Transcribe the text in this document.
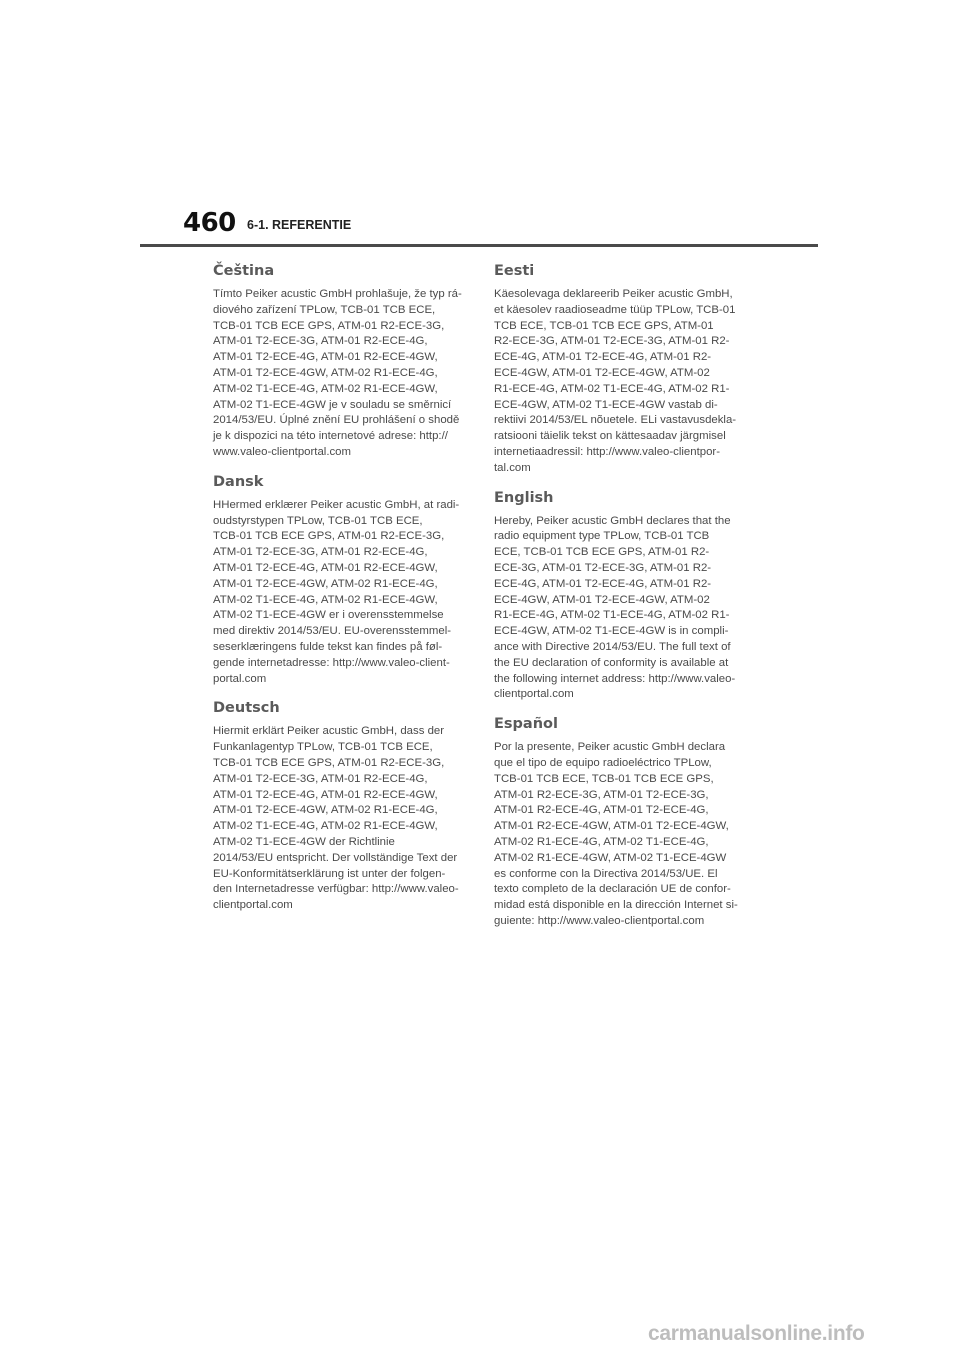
460 6-1. REFERENTIE
Čeština

Tímto Peiker acustic GmbH prohlašuje, že typ rá-
diového zařízení TPLow, TCB-01 TCB ECE,
TCB-01 TCB ECE GPS, ATM-01 R2-ECE-3G,
ATM-01 T2-ECE-3G, ATM-01 R2-ECE-4G,
ATM-01 T2-ECE-4G, ATM-01 R2-ECE-4GW,
ATM-01 T2-ECE-4GW, ATM-02 R1-ECE-4G,
ATM-02 T1-ECE-4G, ATM-02 R1-ECE-4GW,
ATM-02 T1-ECE-4GW je v souladu se směrnicí
2014/53/EU. Úplné znění EU prohlášení o shodě
je k dispozici na této internetové adrese: http://
www.valeo-clientportal.com

Dansk

HHermed erklærer Peiker acustic GmbH, at radi-
oudstyrstypen TPLow, TCB-01 TCB ECE,
TCB-01 TCB ECE GPS, ATM-01 R2-ECE-3G,
ATM-01 T2-ECE-3G, ATM-01 R2-ECE-4G,
ATM-01 T2-ECE-4G, ATM-01 R2-ECE-4GW,
ATM-01 T2-ECE-4GW, ATM-02 R1-ECE-4G,
ATM-02 T1-ECE-4G, ATM-02 R1-ECE-4GW,
ATM-02 T1-ECE-4GW er i overensstemmelse
med direktiv 2014/53/EU. EU-overensstemmel-
seserklæringens fulde tekst kan findes på føl-
gende internetadresse: http://www.valeo-client-
portal.com

Deutsch

Hiermit erklärt Peiker acustic GmbH, dass der
Funkanlagentyp TPLow, TCB-01 TCB ECE,
TCB-01 TCB ECE GPS, ATM-01 R2-ECE-3G,
ATM-01 T2-ECE-3G, ATM-01 R2-ECE-4G,
ATM-01 T2-ECE-4G, ATM-01 R2-ECE-4GW,
ATM-01 T2-ECE-4GW, ATM-02 R1-ECE-4G,
ATM-02 T1-ECE-4G, ATM-02 R1-ECE-4GW,
ATM-02 T1-ECE-4GW der Richtlinie
2014/53/EU entspricht. Der vollständige Text der
EU-Konformitätserklärung ist unter der folgen-
den Internetadresse verfügbar: http://www.valeo-
clientportal.com

Eesti

Käesolevaga deklareerib Peiker acustic GmbH,
et käesolev raadioseadme tüüp TPLow, TCB-01
TCB ECE, TCB-01 TCB ECE GPS, ATM-01
R2-ECE-3G, ATM-01 T2-ECE-3G, ATM-01 R2-
ECE-4G, ATM-01 T2-ECE-4G, ATM-01 R2-
ECE-4GW, ATM-01 T2-ECE-4GW, ATM-02
R1-ECE-4G, ATM-02 T1-ECE-4G, ATM-02 R1-
ECE-4GW, ATM-02 T1-ECE-4GW vastab di-
rektiivi 2014/53/EL nõuetele. ELi vastavusdekla-
ratsiooni täielik tekst on kättesaadav järgmisel
internetiaadressil: http://www.valeo-clientpor-
tal.com

English

Hereby, Peiker acustic GmbH declares that the
radio equipment type TPLow, TCB-01 TCB
ECE, TCB-01 TCB ECE GPS, ATM-01 R2-
ECE-3G, ATM-01 T2-ECE-3G, ATM-01 R2-
ECE-4G, ATM-01 T2-ECE-4G, ATM-01 R2-
ECE-4GW, ATM-01 T2-ECE-4GW, ATM-02
R1-ECE-4G, ATM-02 T1-ECE-4G, ATM-02 R1-
ECE-4GW, ATM-02 T1-ECE-4GW is in compli-
ance with Directive 2014/53/EU. The full text of
the EU declaration of conformity is available at
the following internet address: http://www.valeo-
clientportal.com

Español

Por la presente, Peiker acustic GmbH declara
que el tipo de equipo radioeléctrico TPLow,
TCB-01 TCB ECE, TCB-01 TCB ECE GPS,
ATM-01 R2-ECE-3G, ATM-01 T2-ECE-3G,
ATM-01 R2-ECE-4G, ATM-01 T2-ECE-4G,
ATM-01 R2-ECE-4GW, ATM-01 T2-ECE-4GW,
ATM-02 R1-ECE-4G, ATM-02 T1-ECE-4G,
ATM-02 R1-ECE-4GW, ATM-02 T1-ECE-4GW
es conforme con la Directiva 2014/53/UE. El
texto completo de la declaración UE de confor-
midad está disponible en la dirección Internet si-
guiente: http://www.valeo-clientportal.com

carmanualsonline.info
